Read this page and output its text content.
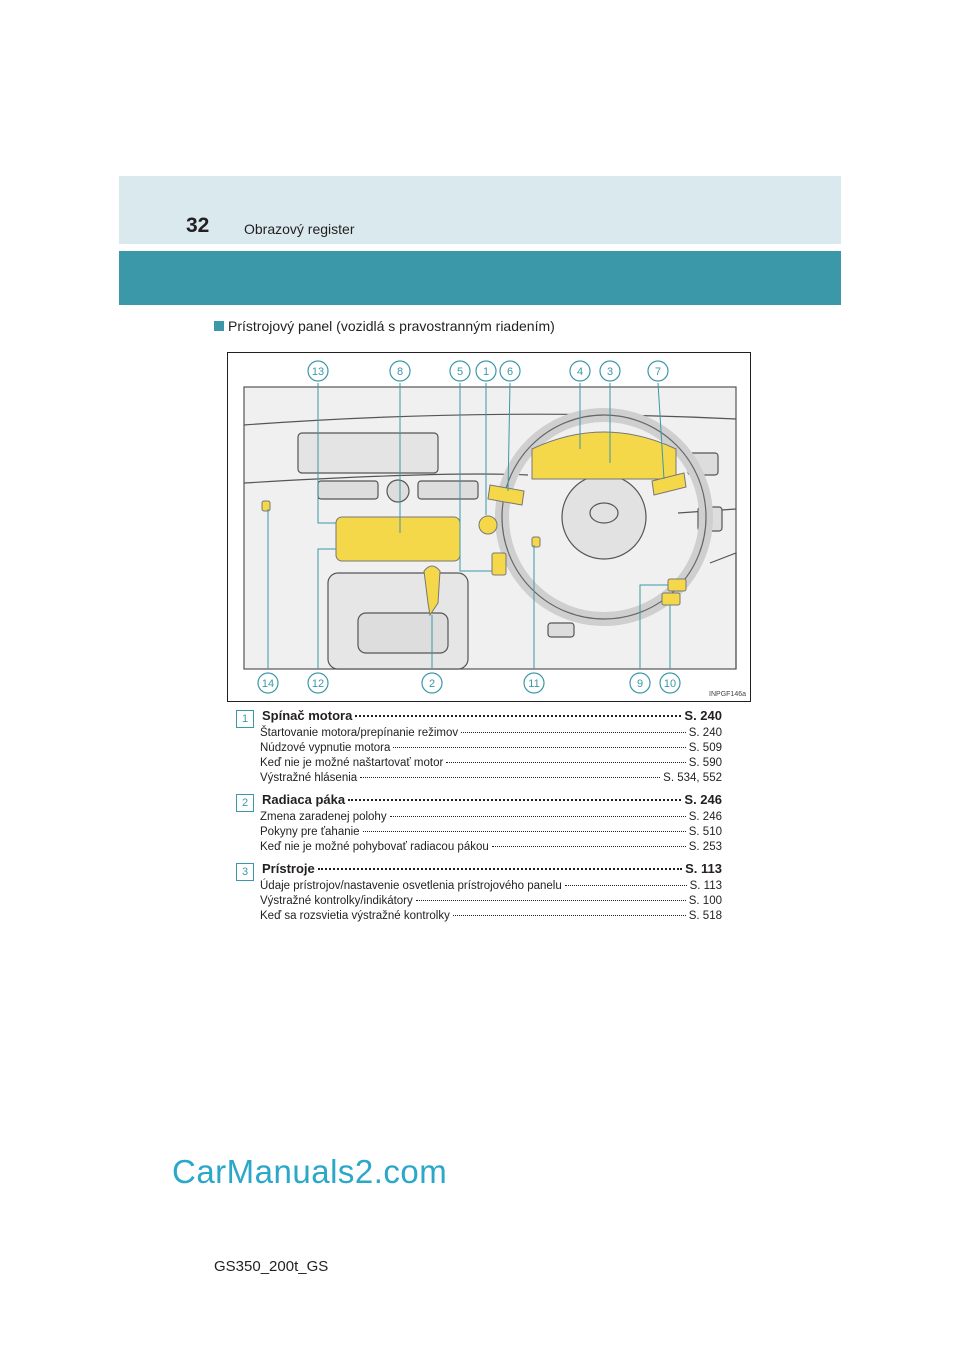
32 Obrazový register
Prístrojový panel (vozidlá s pravostranným riadením)
13	8	5 1 6	4 3	7
14	12	2	11	9 10
INPGF146a
1	Spínač motora	S. 240
Štartovanie motora/prepínanie režimov	S. 240
Núdzové vypnutie motora	S. 509
Keď nie je možné naštartovať motor	S. 590
Výstražné hlásenia	S. 534, 552
2	Radiaca páka	S. 246
Zmena zaradenej polohy	S. 246
Pokyny pre ťahanie	S. 510
Keď nie je možné pohybovať radiacou pákou	S. 253
3	Prístroje	S. 113
Údaje prístrojov/nastavenie osvetlenia prístrojového panelu	S. 113
Výstražné kontrolky/indikátory	S. 100
Keď sa rozsvietia výstražné kontrolky	S. 518
CarManuals2.com
GS350_200t_GS
